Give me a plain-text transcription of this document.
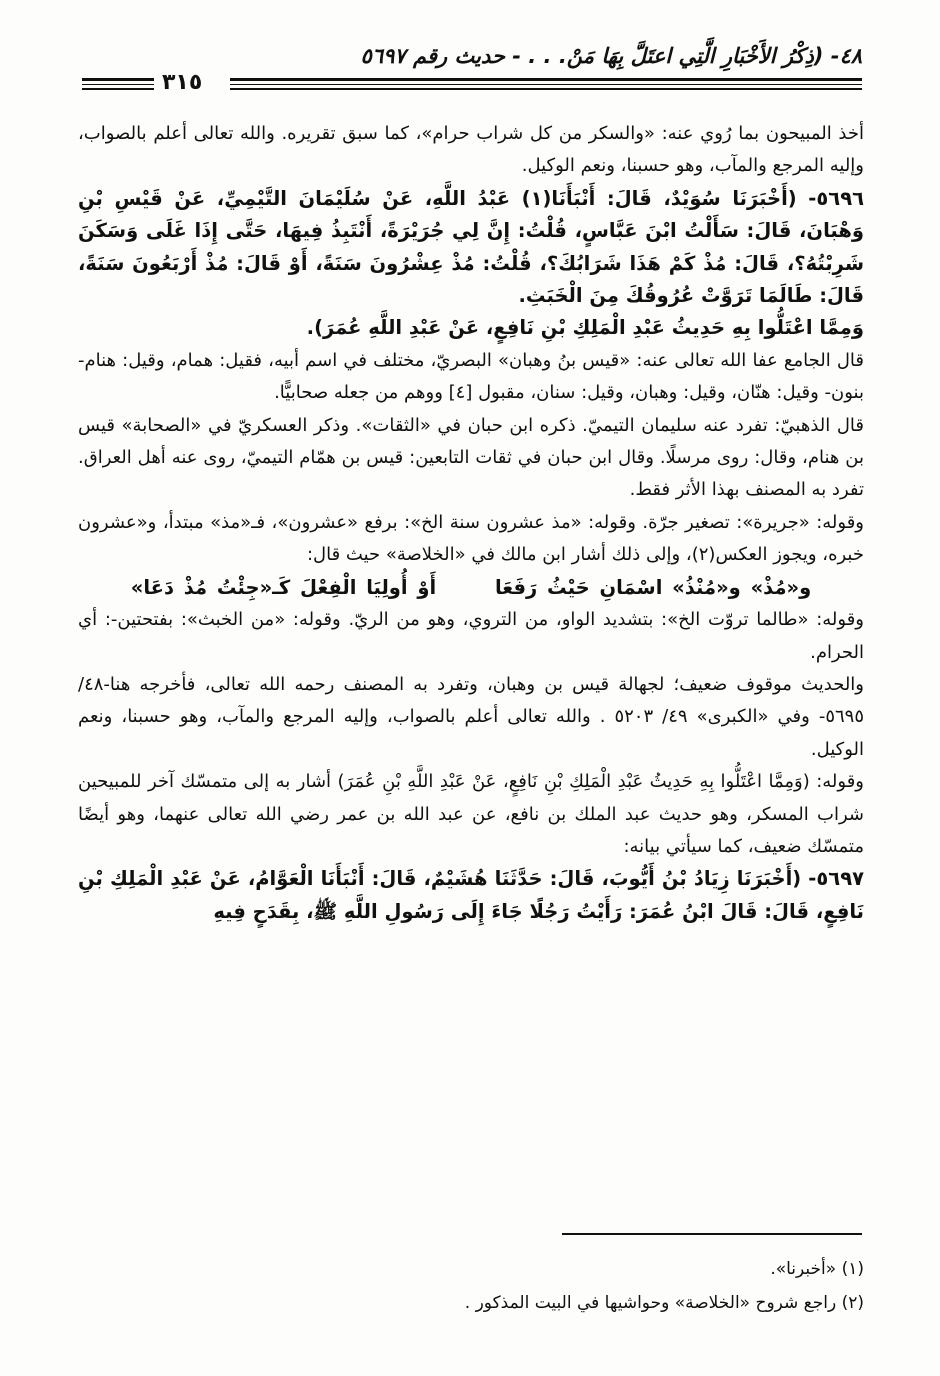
٤٨- (ذِكْرُ الأَخْبَارِ الَّتِي اعتَلَّ بِهَا مَنْ. . . - حديث رقم ٥٦٩٧
٣١٥

أخذ المبيحون بما رُوي عنه: «والسكر من كل شراب حرام»، كما سبق تقريره. والله تعالى أعلم بالصواب، وإليه المرجع والمآب، وهو حسبنا، ونعم الوكيل.

٥٦٩٦- (أَخْبَرَنَا سُوَيْدٌ، قَالَ: أَنْبَأَنَا(١) عَبْدُ اللَّهِ، عَنْ سُلَيْمَانَ التَّيْمِيِّ، عَنْ قَيْسِ بْنِ وَهْبَانَ، قَالَ: سَأَلْتُ ابْنَ عَبَّاسٍ، قُلْتُ: إِنَّ لِي جُرَيْرَةً، أَنْتَبِذُ فِيهَا، حَتَّى إِذَا غَلَى وَسَكَنَ شَرِبْتُهُ؟، قَالَ: مُذْ كَمْ هَذَا شَرَابُكَ؟، قُلْتُ: مُذْ عِشْرُونَ سَنَةً، أَوْ قَالَ: مُذْ أَرْبَعُونَ سَنَةً، قَالَ: طَالَمَا تَرَوَّتْ عُرُوقُكَ مِنَ الْخَبَثِ.

وَمِمَّا اعْتَلُّوا بِهِ حَدِيثُ عَبْدِ الْمَلِكِ بْنِ نَافِعٍ، عَنْ عَبْدِ اللَّهِ عُمَرَ).

قال الجامع عفا الله تعالى عنه: «قيس بنُ وهبان» البصريّ، مختلف في اسم أبيه، فقيل: همام، وقيل: هنام- بنون- وقيل: هنّان، وقيل: وهبان، وقيل: سنان، مقبول [٤] ووهم من جعله صحابيًّا.

قال الذهبيّ: تفرد عنه سليمان التيميّ. ذكره ابن حبان في «الثقات». وذكر العسكريّ في «الصحابة» قيس بن هنام، وقال: روى مرسلًا. وقال ابن حبان في ثقات التابعين: قيس بن همّام التيميّ، روى عنه أهل العراق. تفرد به المصنف بهذا الأثر فقط.

وقوله: «جريرة»: تصغير جرّة. وقوله: «مذ عشرون سنة الخ»: برفع «عشرون»، فـ«مذ» مبتدأ، و«عشرون خبره، ويجوز العكس(٢)، وإلى ذلك أشار ابن مالك في «الخلاصة» حيث قال:

و«مُذْ» و«مُنْذُ» اسْمَانِ حَيْثُ رَفَعَا      أَوْ أُولِيَا الْفِعْلَ كَـ«جِئْتُ مُذْ دَعَا»

وقوله: «طالما تروّت الخ»: بتشديد الواو، من التروي، وهو من الريّ. وقوله: «من الخبث»: بفتحتين-: أي الحرام.

والحديث موقوف ضعيف؛ لجهالة قيس بن وهبان، وتفرد به المصنف رحمه الله تعالى، فأخرجه هنا-٤٨/ ٥٦٩٥- وفي «الكبرى» ٤٩/ ٥٢٠٣ . والله تعالى أعلم بالصواب، وإليه المرجع والمآب، وهو حسبنا، ونعم الوكيل.

وقوله: (وَمِمَّا اعْتَلُّوا بِهِ حَدِيثُ عَبْدِ الْمَلِكِ بْنِ نَافِعٍ، عَنْ عَبْدِ اللَّهِ بْنِ عُمَرَ) أشار به إلى متمسّك آخر للمبيحين شراب المسكر، وهو حديث عبد الملك بن نافع، عن عبد الله بن عمر رضي الله تعالى عنهما، وهو أيضًا متمسّك ضعيف، كما سيأتي بيانه:

٥٦٩٧- (أَخْبَرَنَا زِيَادُ بْنُ أَيُّوبَ، قَالَ: حَدَّثَنَا هُشَيْمٌ، قَالَ: أَنْبَأَنَا الْعَوَّامُ، عَنْ عَبْدِ الْمَلِكِ بْنِ نَافِعٍ، قَالَ: قَالَ ابْنُ عُمَرَ: رَأَيْتُ رَجُلًا جَاءَ إِلَى رَسُولِ اللَّهِ ﷺ، بِقَدَحٍ فِيهِ

(١) «أخبرنا».

(٢) راجع شروح «الخلاصة» وحواشيها في البيت المذكور .
